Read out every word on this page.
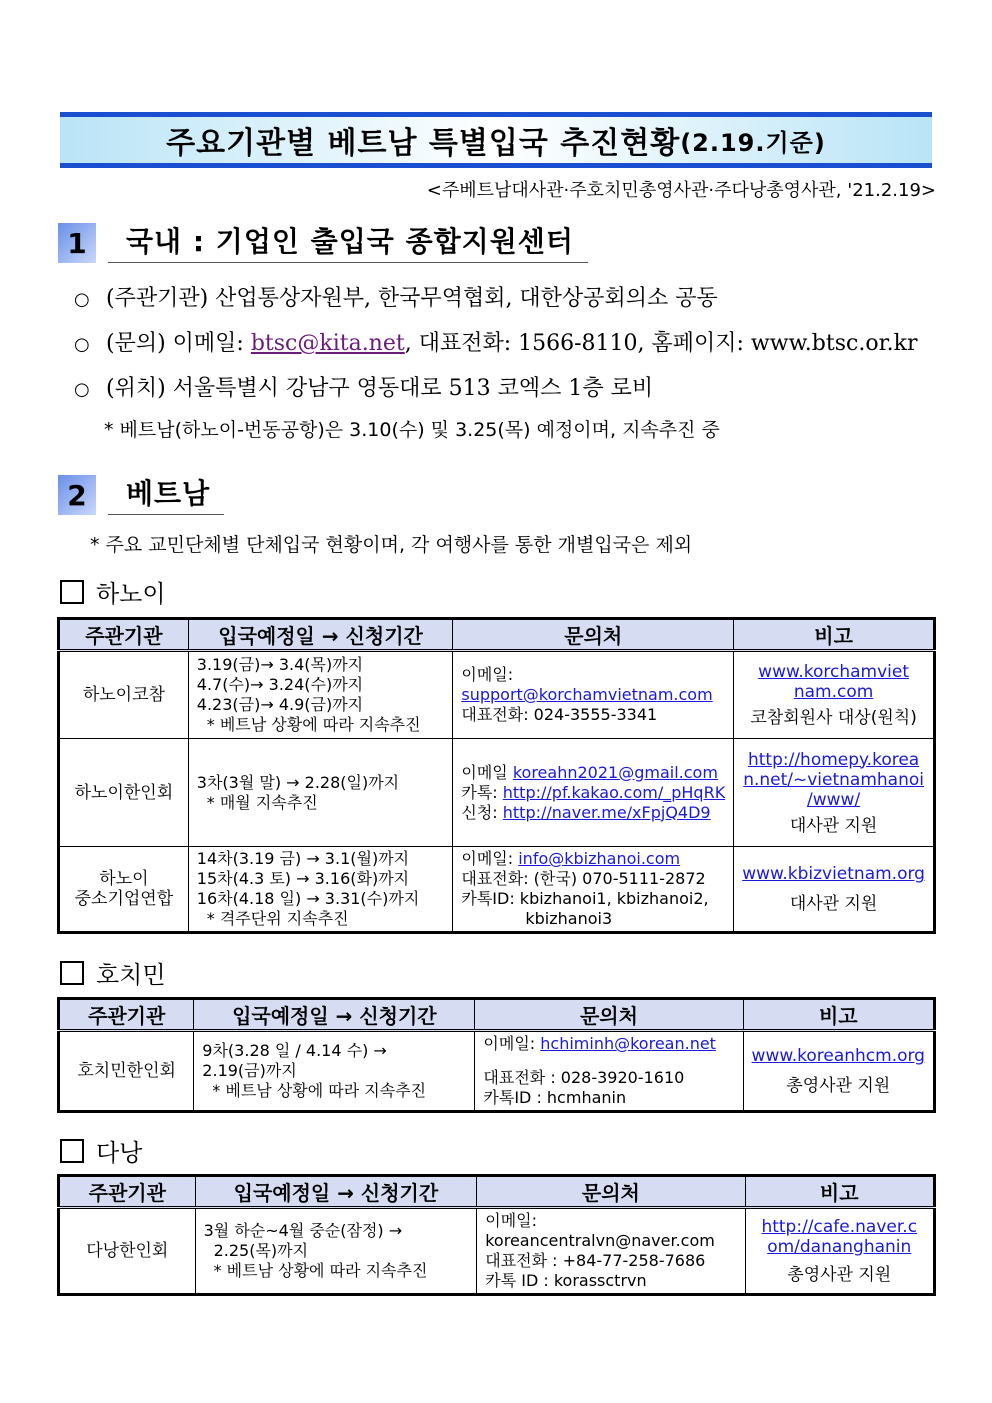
주요기관별 베트남 특별입국 추진현황 (2.19.기준)
<주베트남대사관·주호치민총영사관·주다낭총영사관, '21.2.19>
1	국내 : 기업인 출입국 종합지원센터
○ (주관기관) 산업통상자원부, 한국무역협회, 대한상공회의소 공동
○ (문의) 이메일: btsc@kita.net, 대표전화: 1566-8110, 홈페이지: www.btsc.or.kr
○ (위치) 서울특별시 강남구 영동대로 513 코엑스 1층 로비
* 베트남(하노이-번동공항)은 3.10(수) 및 3.25(목) 예정이며, 지속추진 중
2	베트남
* 주요 교민단체별 단체입국 현황이며, 각 여행사를 통한 개별입국은 제외
하노이
주관기관	입국예정일 → 신청기간	문의처	비고
하노이코참	3.19(금)→ 3.4(목)까지
4.7(수)→ 3.24(수)까지
4.23(금)→ 4.9(금)까지
* 베트남 상황에 따라 지속추진	이메일:
support@korchamvietnam.com
대표전화: 024-3555-3341	www.korchamviet
nam.com
코참회원사 대상(원칙)

하노이한인회	3차(3월 말) → 2.28(일)까지
* 매월 지속추진	이메일 koreahn2021@gmail.com
카톡: http://pf.kakao.com/_pHqRK
신청: http://naver.me/xFpjQ4D9	http://homepy.korea
n.net/~vietnamhanoi
/www/
대사관 지원

하노이
중소기업연합	14차(3.19 금) → 3.1(월)까지
15차(4.3 토) → 3.16(화)까지
16차(4.18 일) → 3.31(수)까지
* 격주단위 지속추진	이메일: info@kbizhanoi.com
대표전화: (한국) 070-5111-2872
카톡ID: kbizhanoi1, kbizhanoi2,
kbizhanoi3	www.kbizvietnam.org
대사관 지원
호치민
주관기관	입국예정일 → 신청기간	문의처	비고
호치민한인회	9차(3.28 일 / 4.14 수) →
2.19(금)까지
* 베트남 상황에 따라 지속추진	이메일: hchiminh@korean.net
대표전화 : 028-3920-1610
카톡ID : hcmhanin	www.koreanhcm.org
총영사관 지원
다낭
주관기관	입국예정일 → 신청기간	문의처	비고
다낭한인회	3월 하순~4월 중순(잠정) →
2.25(목)까지
* 베트남 상황에 따라 지속추진	이메일:
koreancentralvn@naver.com
대표전화 : +84-77-258-7686
카톡 ID : korassctrvn	http://cafe.naver.c
om/dananghanin
총영사관 지원
